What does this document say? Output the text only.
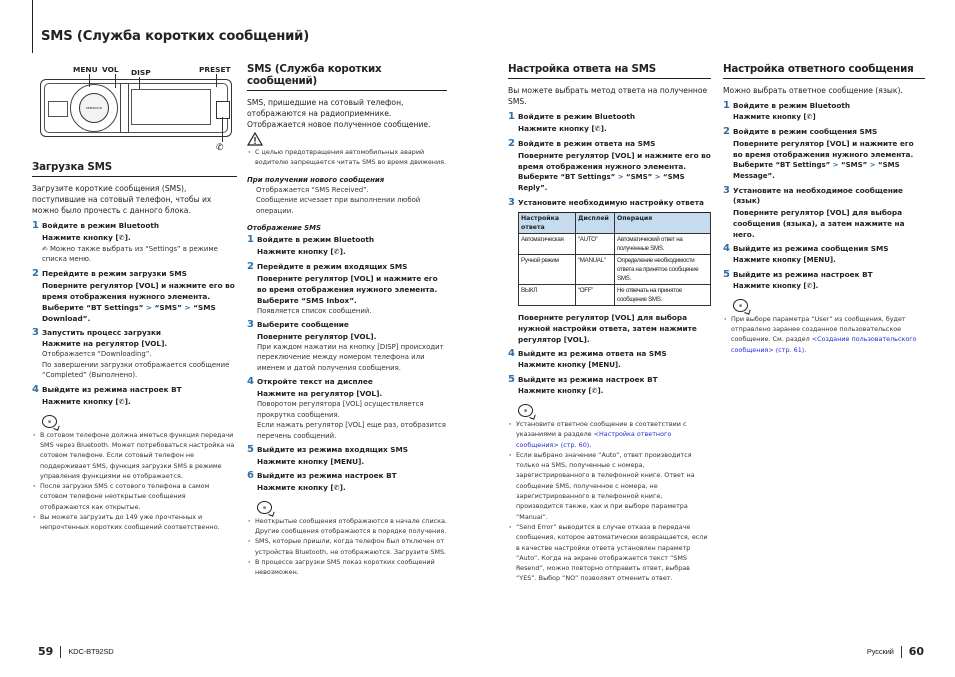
SMS (Служба коротких сообщений)
MENU VOL DISP	PRESET
KENWOOD
✆
Загрузка SMS

Загрузите короткие сообщения (SMS), поступившие на сотовый телефон, чтобы их можно было прочесть с данного блока.

1 Войдите в режим Bluetooth
Нажмите кнопку [✆].
✍ Можно также выбрать из “Settings” в режиме списка меню.
2 Перейдите в режим загрузки SMS
Поверните регулятор [VOL] и нажмите его во время отображения нужного элемента.
Выберите “BT Settings” > “SMS” > “SMS Download”.
3 Запустить процесс загрузки
Нажмите на регулятор [VOL].
Отображается “Downloading”.
По завершении загрузки отображается сообщение “Completed” (Выполнено).
4 Выйдите из режима настроек BT
Нажмите кнопку [✆].
≡
· В сотовом телефоне должна иметься функция передачи SMS через Bluetooth. Может потребоваться настройка на сотовом телефоне. Если сотовый телефон не поддерживает SMS, функция загрузки SMS в режиме управления функциями не отображается.
· После загрузки SMS с сотового телефона в самом сотовом телефоне неоткрытые сообщения отображаются как открытые.
· Вы можете загрузить до 149 уже прочтенных и непрочтенных коротких сообщений соответственно.
SMS (Служба коротких сообщений)

SMS, пришедшие на сотовый телефон, отображаются на радиоприемнике.

Отображается новое полученное сообщение.

· С целью предотвращения автомобильных аварий водителю запрещается читать SMS во время движения.
При получении нового сообщения
Отображается “SMS Received”.
Сообщение исчезает при выполнении любой операции.
Отображение SMS
1 Войдите в режим Bluetooth
Нажмите кнопку [✆].
2 Перейдите в режим входящих SMS
Поверните регулятор [VOL] и нажмите его во время отображения нужного элемента.
Выберите “SMS Inbox”.
Появляется список сообщений.
3 Выберите сообщение
Поверните регулятор [VOL].
При каждом нажатии на кнопку [DISP] происходит переключение между номером телефона или именем и датой получения сообщения.
4 Откройте текст на дисплее
Нажмите на регулятор [VOL].
Поворотом регулятора [VOL] осуществляется прокрутка сообщения.
Если нажать регулятор [VOL] еще раз, отобразится перечень сообщений.
5 Выйдите из режима входящих SMS
Нажмите кнопку [MENU].
6 Выйдите из режима настроек BT
Нажмите кнопку [✆].
≡
· Неоткрытые сообщения отображаются в начале списка. Другие сообщения отображаются в порядке получения.
· SMS, которые пришли, когда телефон был отключен от устройства Bluetooth, не отображаются. Загрузите SMS.
· В процессе загрузки SMS показ коротких сообщений невозможен.
Настройка ответа на SMS

Вы можете выбрать метод ответа на полученное SMS.

1 Войдите в режим Bluetooth
Нажмите кнопку [✆].
2 Войдите в режим ответа на SMS
Поверните регулятор [VOL] и нажмите его во время отображения нужного элемента.
Выберите “BT Settings” > “SMS” > “SMS Reply”.
3 Установите необходимую настройку ответа
Настройка ответа	Дисплей	Операция
Автоматическая	“AUTO”	Автоматический ответ на полученные SMS.
Ручной режим	“MANUAL”	Определение необходимости ответа на принятое сообщение SMS.
ВЫКЛ	“OFF”	Не отвечать на принятое сообщение SMS.
Поверните регулятор [VOL] для выбора нужной настройки ответа, затем нажмите регулятор [VOL].
4 Выйдите из режима ответа на SMS
Нажмите кнопку [MENU].
5 Выйдите из режима настроек BT
Нажмите кнопку [✆].
≡
· Установите ответное сообщение в соответствии с указаниями в разделе <Настройка ответного сообщения> (стр. 60).
· Если выбрано значение “Auto”, ответ производится только на SMS, полученные с номера, зарегистрированного в телефонной книге. Ответ на сообщение SMS, полученное с номера, не зарегистрированного в телефонной книге, производится также, как и при выборе параметра “Manual”.
· “Send Error” выводится в случае отказа в передаче сообщения, которое автоматически возвращается, если в качестве настройки ответа установлен параметр “Auto”. Когда на экране отображается текст “SMS Resend”, можно повторно отправить ответ, выбрав “YES”. Выбор “NO” позволяет отменить ответ.
Настройка ответного сообщения

Можно выбрать ответное сообщение (язык).

1 Войдите в режим Bluetooth
Нажмите кнопку [✆]
2 Войдите в режим сообщения SMS
Поверните регулятор [VOL] и нажмите его во время отображения нужного элемента.
Выберите “BT Settings” > “SMS” > “SMS Message”.
3 Установите на необходимое сообщение (язык)
Поверните регулятор [VOL] для выбора сообщения (языка), а затем нажмите на него.
4 Выйдите из режима сообщения SMS
Нажмите кнопку [MENU].
5 Выйдите из режима настроек BT
Нажмите кнопку [✆].
≡
· При выборе параметра “User” из сообщения, будет отправлено заранее созданное пользовательское сообщение. См. раздел <Создание пользовательского сообщения> (стр. 61).
59 KDC-BT92SD	Русский 60
